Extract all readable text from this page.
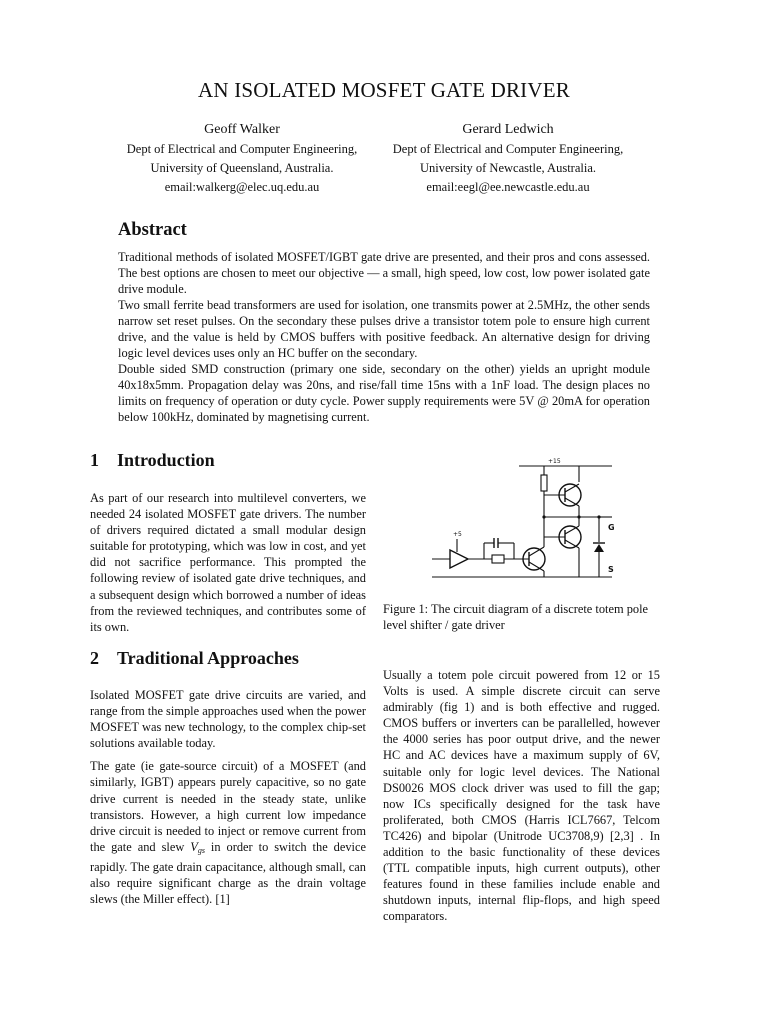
AN ISOLATED MOSFET GATE DRIVER
Geoff Walker
Dept of Electrical and Computer Engineering,
University of Queensland, Australia.
email:walkerg@elec.uq.edu.au
Gerard Ledwich
Dept of Electrical and Computer Engineering,
University of Newcastle, Australia.
email:eegl@ee.newcastle.edu.au
Abstract

Traditional methods of isolated MOSFET/IGBT gate drive are presented, and their pros and cons assessed. The best options are chosen to meet our objective — a small, high speed, low cost, low power isolated gate drive module.

Two small ferrite bead transformers are used for isolation, one transmits power at 2.5MHz, the other sends narrow set reset pulses. On the secondary these pulses drive a transistor totem pole to ensure high current drive, and the value is held by CMOS buffers with positive feedback. An alternative design for driving logic level devices uses only an HC buffer on the secondary.

Double sided SMD construction (primary one side, secondary on the other) yields an upright module 40x18x5mm. Propagation delay was 20ns, and rise/fall time 15ns with a 1nF load. The design places no limits on frequency of operation or duty cycle. Power supply requirements were 5V @ 20mA for operation below 100kHz, dominated by magnetising current.

1 Introduction

As part of our research into multilevel converters, we needed 24 isolated MOSFET gate drivers. The number of drivers required dictated a small modular design suitable for prototyping, which was low in cost, and yet did not sacrifice performance. This prompted the following review of isolated gate drive techniques, and a subsequent design which borrowed a number of ideas from the reviewed techniques, and contributes some of its own.

2 Traditional Approaches

Isolated MOSFET gate drive circuits are varied, and range from the simple approaches used when the power MOSFET was new technology, to the complex chip-set solutions available today.

The gate (ie gate-source circuit) of a MOSFET (and similarly, IGBT) appears purely capacitive, so no gate drive current is needed in the steady state, unlike transistors. However, a high current low impedance drive circuit is needed to inject or remove current from the gate and slew $V_{gs}$ in order to switch the device rapidly. The gate drain capacitance, although small, can also require significant charge as the drain voltage slews (the Miller effect). [1]

Usually a totem pole circuit powered from 12 or 15 Volts is used. A simple discrete circuit can serve admirably (fig 1) and is both effective and rugged. CMOS buffers or inverters can be parallelled, however the 4000 series has poor output drive, and the newer HC and AC devices have a maximum supply of 6V, suitable only for logic level devices. The National DS0026 MOS clock driver was used to fill the gap; now ICs specifically designed for the task have proliferated, both CMOS (Harris ICL7667, Telcom TC426) and bipolar (Unitrode UC3708,9) [2,3] . In addition to the basic functionality of these devices (TTL compatible inputs, high current outputs), other features found in these families include enable and shutdown inputs, internal flip-flops, and high speed comparators.

+15
G
S
+5
Figure 1: The circuit diagram of a discrete totem pole level shifter / gate driver
